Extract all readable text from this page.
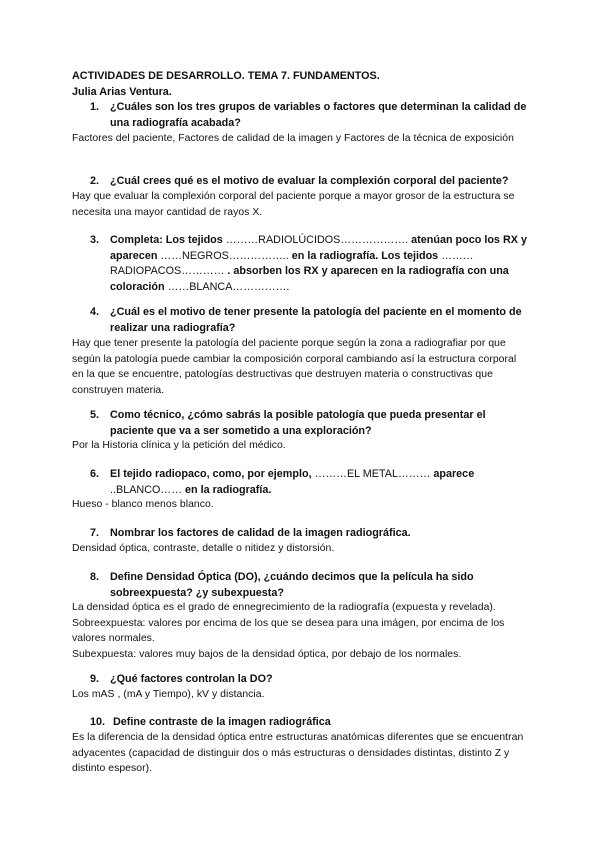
ACTIVIDADES DE DESARROLLO. TEMA 7. FUNDAMENTOS.
Julia Arias Ventura.
1.	¿Cuáles son los tres grupos de variables o factores que determinan la calidad de una radiografía acabada?
Factores del paciente, Factores de calidad de la imagen y Factores de la técnica de exposición
2.	¿Cuál crees qué es el motivo de evaluar la complexión corporal del paciente?
Hay que evaluar la complexión corporal del paciente porque a mayor grosor de la estructura se necesita una mayor cantidad de rayos X.
3.	Completa: Los tejidos ………RADIOLÚCIDOS………………. atenúan poco los RX y aparecen ……NEGROS…………….. en la radiografía. Los tejidos ………RADIOPACOS………… . absorben los RX y aparecen en la radiografía con una coloración ……BLANCA…………….
4.	¿Cuál es el motivo de tener presente la patología del paciente en el momento de realizar una radiografía?
Hay que tener presente la patología del paciente porque según la zona a radiografiar por que según la patología puede cambiar la composición corporal cambiando así la estructura corporal en la que se encuentre, patologías destructivas que destruyen materia o constructivas que construyen materia.
5.	Como técnico, ¿cómo sabrás la posible patología que pueda presentar el paciente que va a ser sometido a una exploración?
Por la Historia clínica y la petición del médico.
6.	El tejido radiopaco, como, por ejemplo, ………EL METAL……… aparece ..BLANCO…… en la radiografía.
Hueso - blanco menos blanco.
7.	Nombrar los factores de calidad de la imagen radiográfica.
Densidad óptica, contraste, detalle o nitidez y distorsión.
8.	Define Densidad Óptica (DO), ¿cuándo decimos que la película ha sido sobreexpuesta? ¿y subexpuesta?
La densidad óptica es el grado de ennegrecimiento de la radiografía (expuesta y revelada).
Sobreexpuesta: valores por encima de los que se desea para una imágen, por encima de los valores normales.
Subexpuesta: valores muy bajos de la densidad óptica, por debajo de los normales.
9.	¿Qué factores controlan la DO?
Los mAS , (mA y Tiempo), kV y distancia.
10. Define contraste de la imagen radiográfica
Es la diferencia de la densidad óptica entre estructuras anatómicas diferentes que se encuentran adyacentes (capacidad de distinguir dos o más estructuras o densidades distintas, distinto Z y distinto espesor).
